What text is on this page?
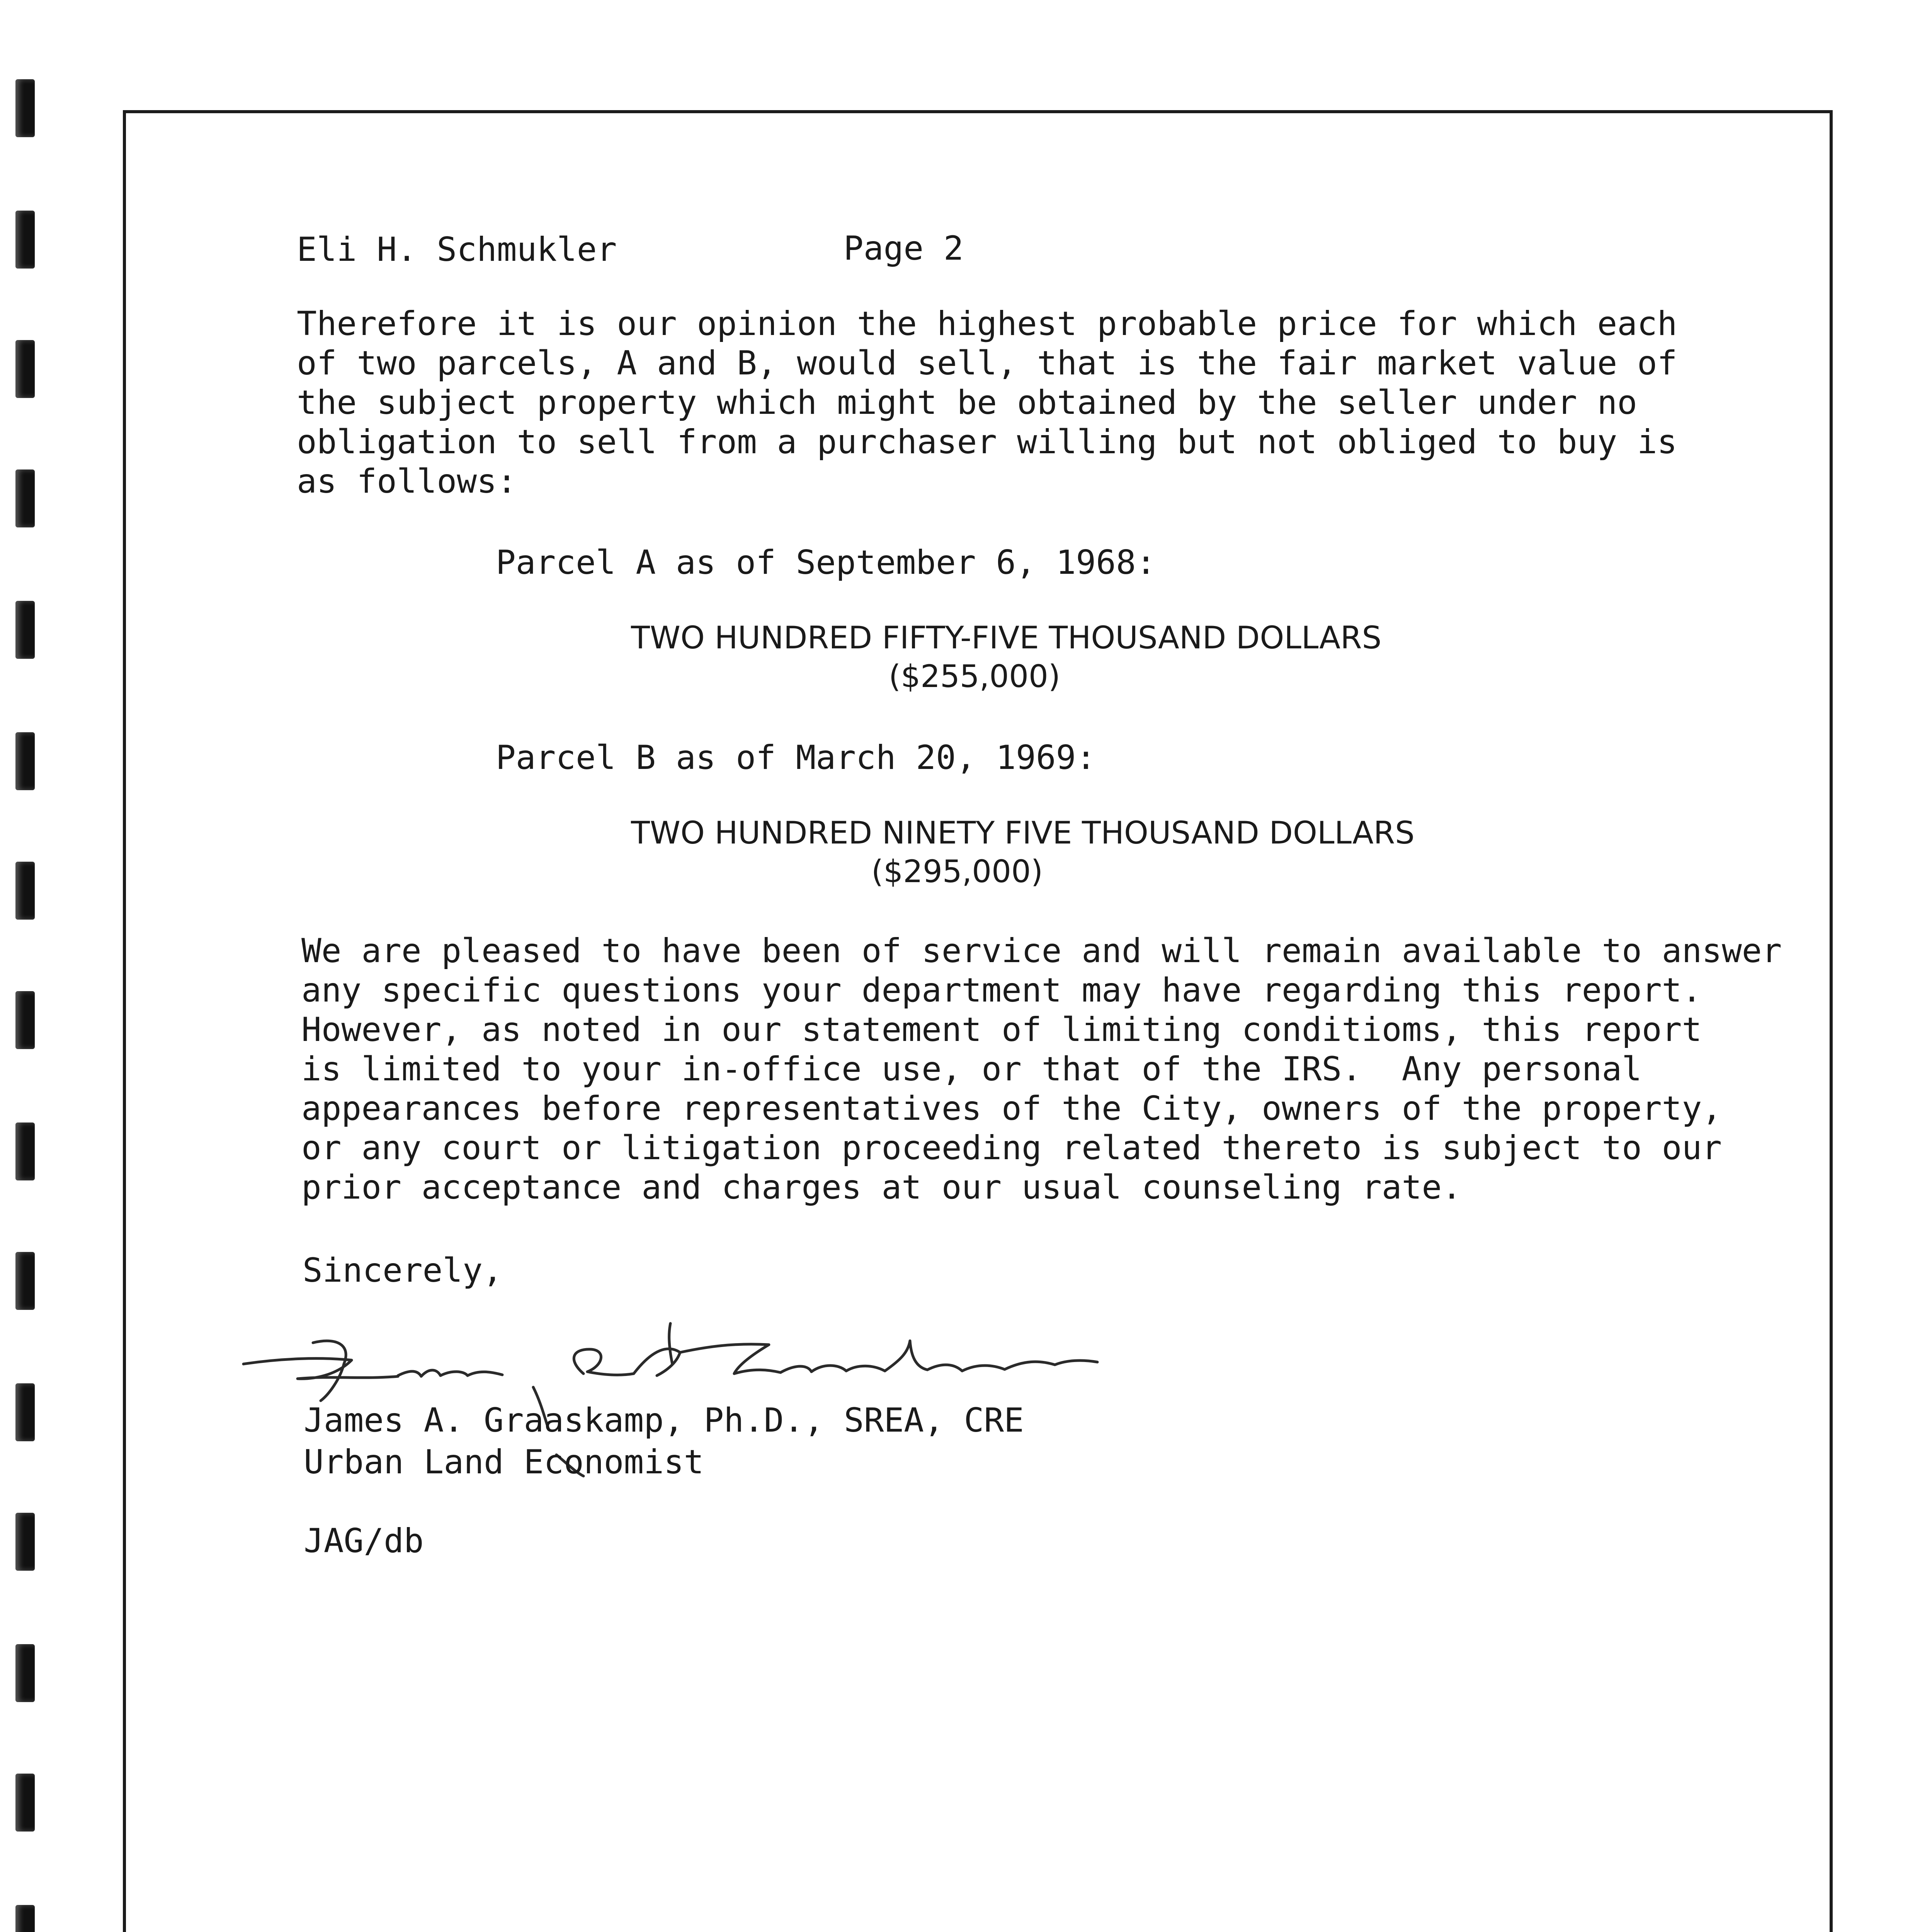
Eli H. Schmukler	Page 2
Therefore it is our opinion the highest probable price for which each
of two parcels, A and B, would sell, that is the fair market value of
the subject property which might be obtained by the seller under no
obligation to sell from a purchaser willing but not obliged to buy is
as follows:
Parcel A as of September 6, 1968:
TWO HUNDRED FIFTY-FIVE THOUSAND DOLLARS
($255,000)
Parcel B as of March 20, 1969:
TWO HUNDRED NINETY FIVE THOUSAND DOLLARS
($295,000)
We are pleased to have been of service and will remain available to answer
any specific questions your department may have regarding this report.
However, as noted in our statement of limiting conditioms, this report
is limited to your in-office use, or that of the IRS.  Any personal
appearances before representatives of the City, owners of the property,
or any court or litigation proceeding related thereto is subject to our
prior acceptance and charges at our usual counseling rate.
Sincerely,
James A. Graaskamp, Ph.D., SREA, CRE
Urban Land Economist
JAG/db
